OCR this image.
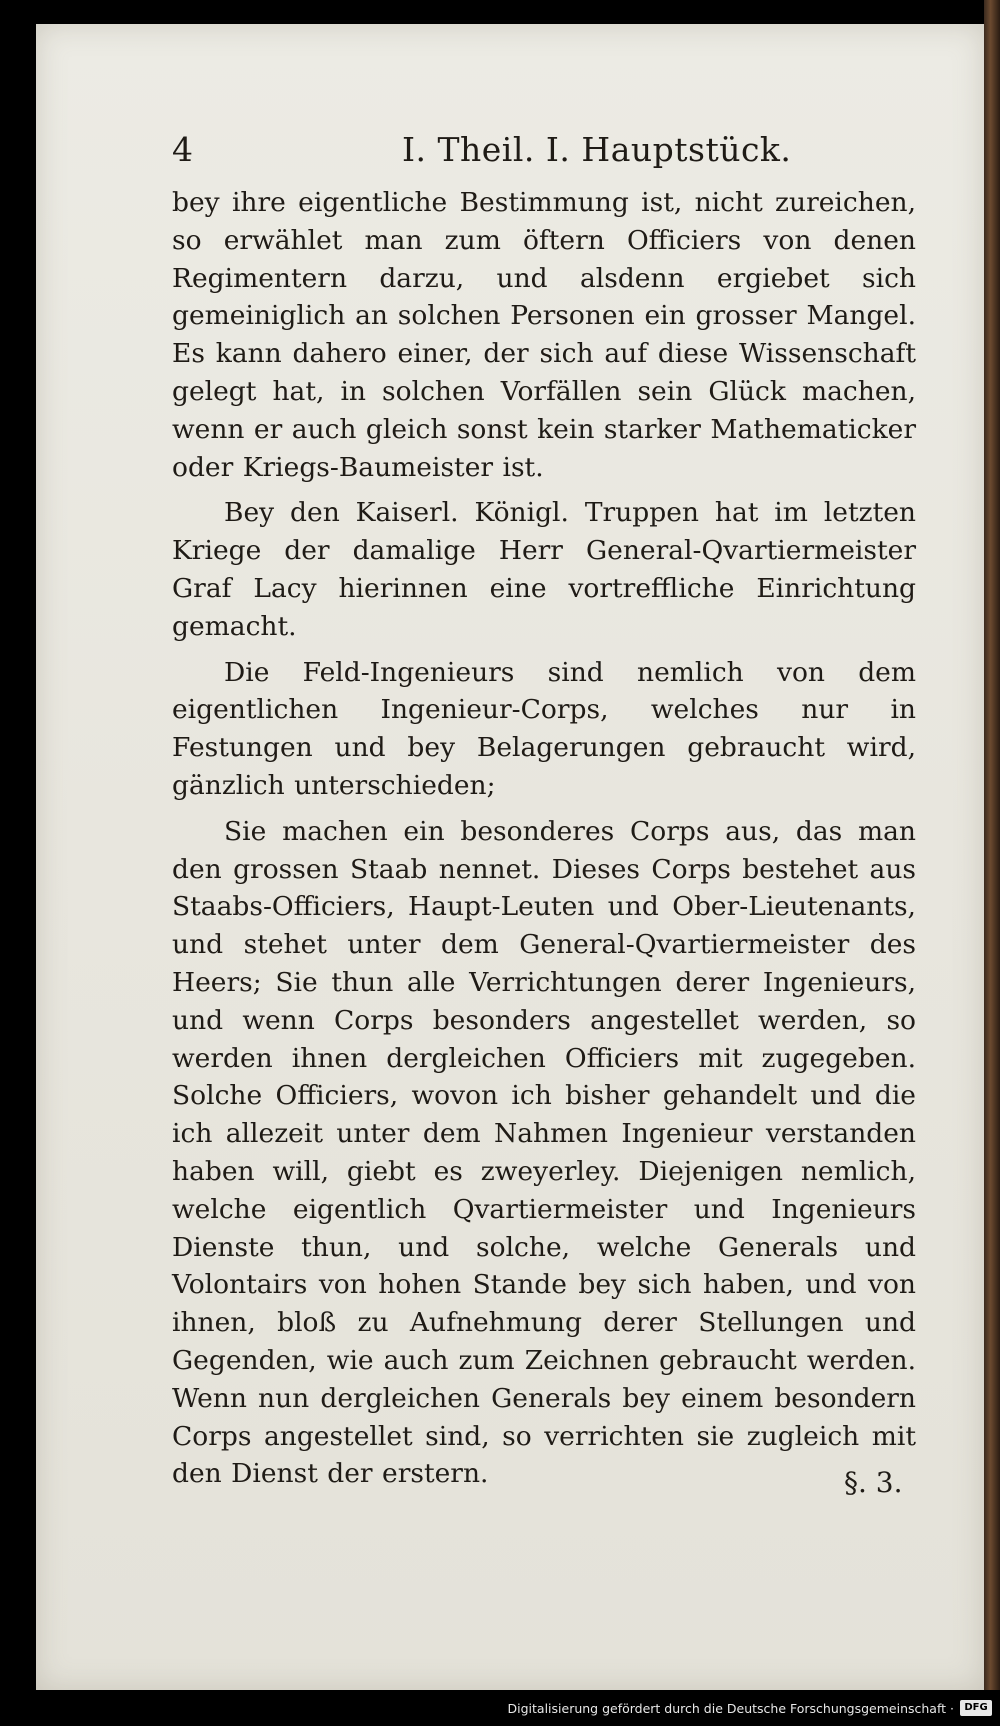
4	I. Theil. I. Hauptstück.

bey ihre eigentliche Bestimmung ist, nicht zureichen, so erwählet man zum öftern Officiers von denen Regimentern darzu, und alsdenn ergiebet sich gemeiniglich an solchen Personen ein grosser Mangel. Es kann dahero einer, der sich auf diese Wissenschaft gelegt hat, in solchen Vorfällen sein Glück machen, wenn er auch gleich sonst kein starker Mathematicker oder Kriegs-Baumeister ist.

Bey den Kaiserl. Königl. Truppen hat im letzten Kriege der damalige Herr General-Qvartiermeister Graf Lacy hierinnen eine vortreffliche Einrichtung gemacht.

Die Feld-Ingenieurs sind nemlich von dem eigentlichen Ingenieur-Corps, welches nur in Festungen und bey Belagerungen gebraucht wird, gänzlich unterschieden;

Sie machen ein besonderes Corps aus, das man den grossen Staab nennet. Dieses Corps bestehet aus Staabs-Officiers, Haupt-Leuten und Ober-Lieutenants, und stehet unter dem General-Qvartiermeister des Heers; Sie thun alle Verrichtungen derer Ingenieurs, und wenn Corps besonders angestellet werden, so werden ihnen dergleichen Officiers mit zugegeben. Solche Officiers, wovon ich bisher gehandelt und die ich allezeit unter dem Nahmen Ingenieur verstanden haben will, giebt es zweyerley. Diejenigen nemlich, welche eigentlich Qvartiermeister und Ingenieurs Dienste thun, und solche, welche Generals und Volontairs von hohen Stande bey sich haben, und von ihnen, bloß zu Aufnehmung derer Stellungen und Gegenden, wie auch zum Zeichnen gebraucht werden. Wenn nun dergleichen Generals bey einem besondern Corps angestellet sind, so verrichten sie zugleich mit den Dienst der erstern.	§. 3.
Digitalisierung gefördert durch die Deutsche Forschungsgemeinschaft ·	DFG
